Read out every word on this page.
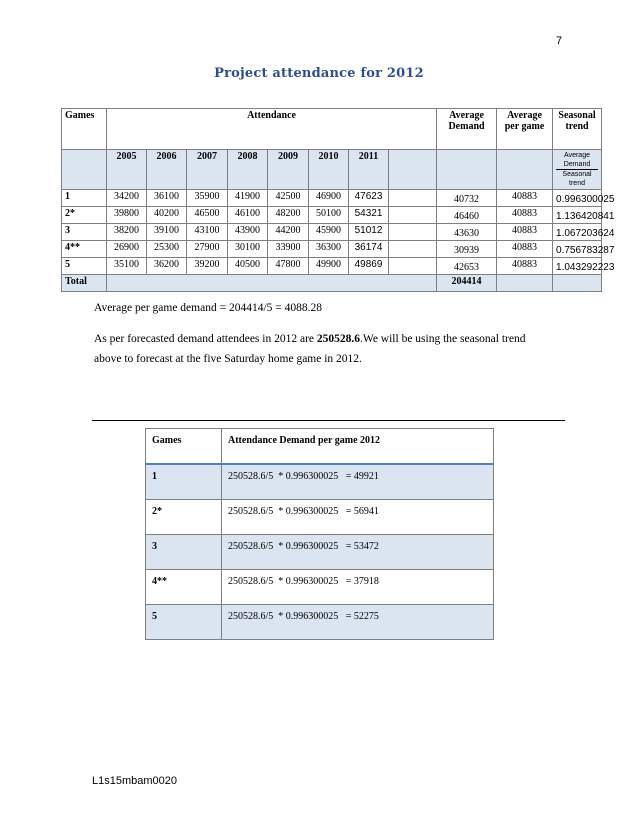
7
Project attendance for 2012
Games	Attendance								Average Demand	Average per game	Seasonal trend
	2005	2006	2007	2008	2009	2010	2011				Average Demand
Seasonal trend
1	34200	36100	35900	41900	42500	46900	47623		40732	40883	0.996300025
2*	39800	40200	46500	46100	48200	50100	54321		46460	40883	1.136420841
3	38200	39100	43100	43900	44200	45900	51012		43630	40883	1.067203624
4**	26900	25300	27900	30100	33900	36300	36174		30939	40883	0.756783287
5	35100	36200	39200	40500	47800	49900	49869		42653	40883	1.043292223
Total									204414		
Average per game demand = 204414/5 = 4088.28
As per forecasted demand attendees in 2012 are 250528.6.We will be using the seasonal trend above to forecast at the five Saturday home game in 2012.
Games	Attendance Demand per game 2012
1	250528.6/5  * 0.996300025   = 49921
2*	250528.6/5  * 0.996300025   = 56941
3	250528.6/5  * 0.996300025   = 53472
4**	250528.6/5  * 0.996300025   = 37918
5	250528.6/5  * 0.996300025   = 52275
L1s15mbam0020
